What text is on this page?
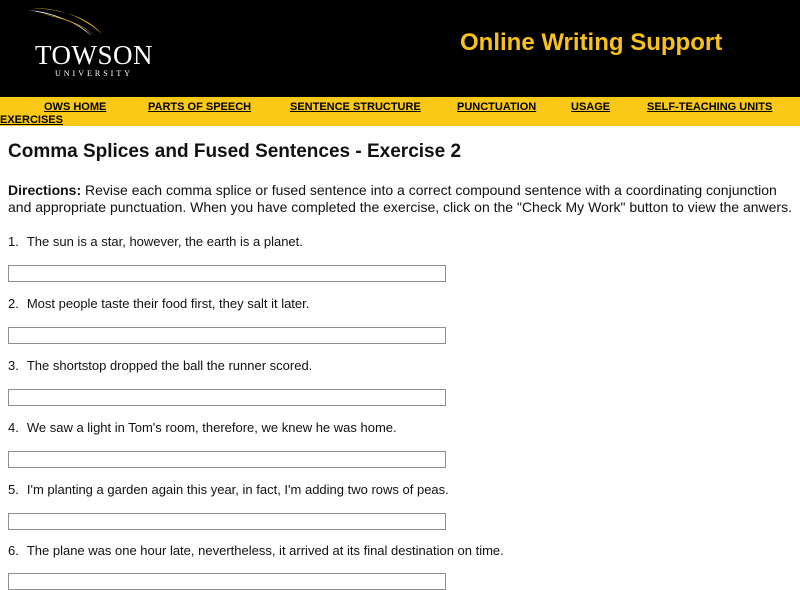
TOWSON
UNIVERSITY
Online Writing Support
OWS HOME	PARTS OF SPEECH	SENTENCE STRUCTURE	PUNCTUATION	USAGE	SELF-TEACHING UNITS
EXERCISES
Comma Splices and Fused Sentences - Exercise 2
Directions: Revise each comma splice or fused sentence into a correct compound sentence with a coordinating conjunction and appropriate punctuation. When you have completed the exercise, click on the "Check My Work" button to view the anwers.
1. The sun is a star, however, the earth is a planet.
2. Most people taste their food first, they salt it later.
3. The shortstop dropped the ball the runner scored.
4. We saw a light in Tom's room, therefore, we knew he was home.
5. I'm planting a garden again this year, in fact, I'm adding two rows of peas.
6. The plane was one hour late, nevertheless, it arrived at its final destination on time.
